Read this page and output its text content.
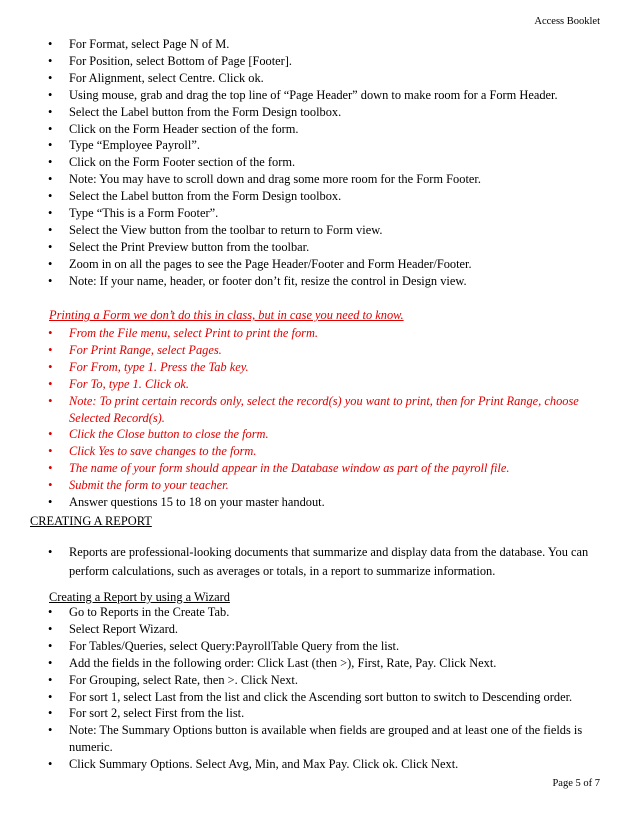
Access Booklet
• For Format, select Page N of M.
• For Position, select Bottom of Page [Footer].
• For Alignment, select Centre. Click ok.
• Using mouse, grab and drag the top line of “Page Header” down to make room for a Form Header.
• Select the Label button from the Form Design toolbox.
• Click on the Form Header section of the form.
• Type “Employee Payroll”.
• Click on the Form Footer section of the form.
• Note: You may have to scroll down and drag some more room for the Form Footer.
• Select the Label button from the Form Design toolbox.
• Type “This is a Form Footer”.
• Select the View button from the toolbar to return to Form view.
• Select the Print Preview button from the toolbar.
• Zoom in on all the pages to see the Page Header/Footer and Form Header/Footer.
• Note: If your name, header, or footer don’t fit, resize the control in Design view.
Printing a Form we don’t do this in class, but in case you need to know.
• From the File menu, select Print to print the form.
• For Print Range, select Pages.
• For From, type 1. Press the Tab key.
• For To, type 1. Click ok.
• Note: To print certain records only, select the record(s) you want to print, then for Print Range, choose Selected Record(s).
• Click the Close button to close the form.
• Click Yes to save changes to the form.
• The name of your form should appear in the Database window as part of the payroll file.
• Submit the form to your teacher.
• Answer questions 15 to 18 on your master handout.
CREATING A REPORT
• Reports are professional-looking documents that summarize and display data from the database. You can perform calculations, such as averages or totals, in a report to summarize information.
Creating a Report by using a Wizard
• Go to Reports in the Create Tab.
• Select Report Wizard.
• For Tables/Queries, select Query:PayrollTable Query from the list.
• Add the fields in the following order: Click Last (then >), First, Rate, Pay. Click Next.
• For Grouping, select Rate, then >. Click Next.
• For sort 1, select Last from the list and click the Ascending sort button to switch to Descending order.
• For sort 2, select First from the list.
• Note: The Summary Options button is available when fields are grouped and at least one of the fields is numeric.
• Click Summary Options. Select Avg, Min, and Max Pay. Click ok. Click Next.
Page 5 of 7
